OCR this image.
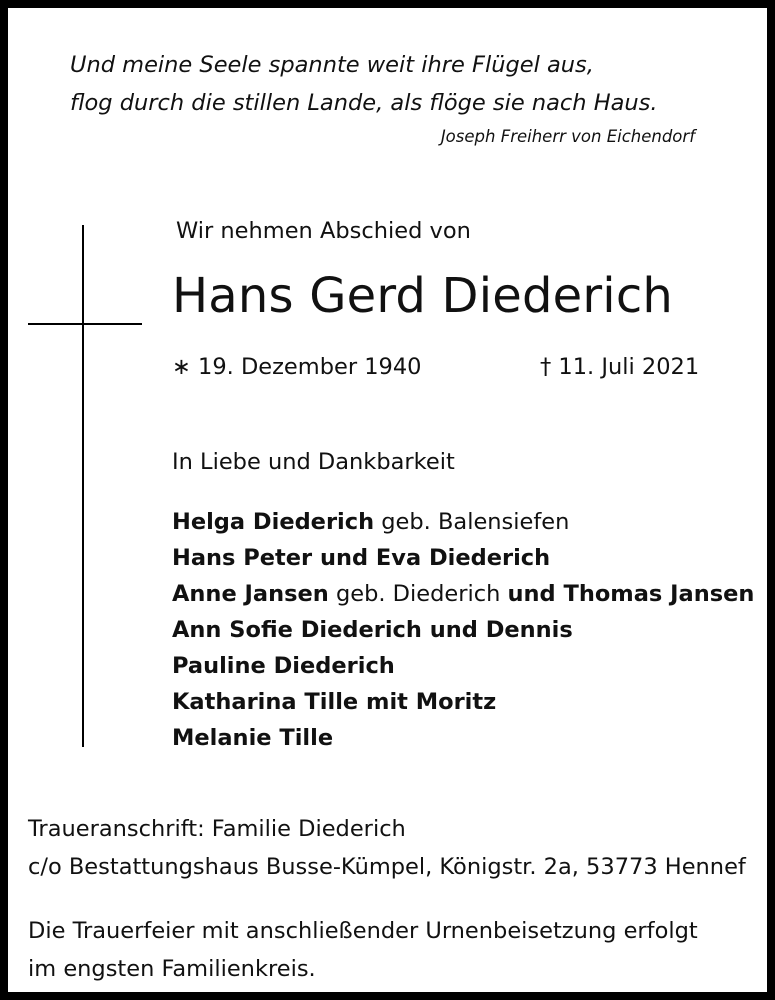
Und meine Seele spannte weit ihre Flügel aus,
flog durch die stillen Lande, als flöge sie nach Haus.
Joseph Freiherr von Eichendorf
Wir nehmen Abschied von
Hans Gerd Diederich
∗ 19. Dezember 1940	† 11. Juli 2021
In Liebe und Dankbarkeit
Helga Diederich geb. Balensiefen
Hans Peter und Eva Diederich
Anne Jansen geb. Diederich und Thomas Jansen
Ann Sofie Diederich und Dennis
Pauline Diederich
Katharina Tille mit Moritz
Melanie Tille
Traueranschrift: Familie Diederich
c/o Bestattungshaus Busse-Kümpel, Königstr. 2a, 53773 Hennef
Die Trauerfeier mit anschließender Urnenbeisetzung erfolgt
im engsten Familienkreis.
